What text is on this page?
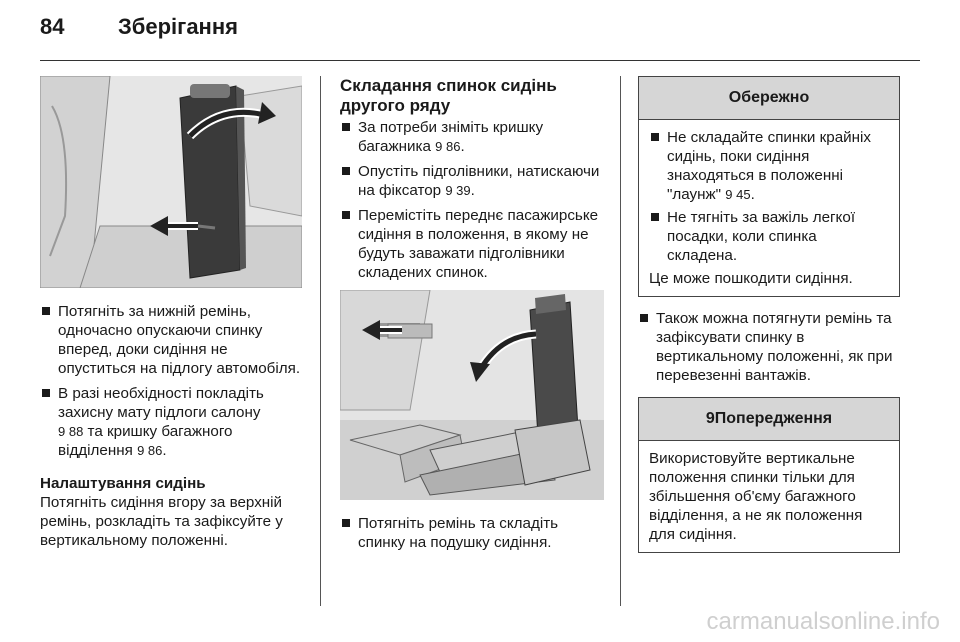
84 Зберігання
Потягніть за нижній ремінь, одночасно опускаючи спинку вперед, доки сидіння не опуститься на підлогу автомобіля.
В разі необхідності покладіть захисну мату підлоги салону
9 88 та кришку багажного відділення 9 86.
Налаштування сидінь

Потягніть сидіння вгору за верхній ремінь, розкладіть та зафіксуйте у вертикальному положенні.

Складання спинок сидінь другого ряду
За потреби зніміть кришку багажника 9 86.
Опустіть підголівники, натискаючи на фіксатор 9 39.
Перемістіть переднє пасажирське сидіння в положення, в якому не будуть заважати підголівники складених спинок.
Потягніть ремінь та складіть спинку на подушку сидіння.
Обережно
Не складайте спинки крайніх сидінь, поки сидіння знаходяться в положенні "лаунж" 9 45.
Не тягніть за важіль легкої посадки, коли спинка складена.

Це може пошкодити сидіння.

Також можна потягнути ремінь та зафіксувати спинку в вертикальному положенні, як при перевезенні вантажів.
9Попередження

Використовуйте вертикальне положення спинки тільки для збільшення об'єму багажного відділення, а не як положення для сидіння.

carmanualsonline.info
